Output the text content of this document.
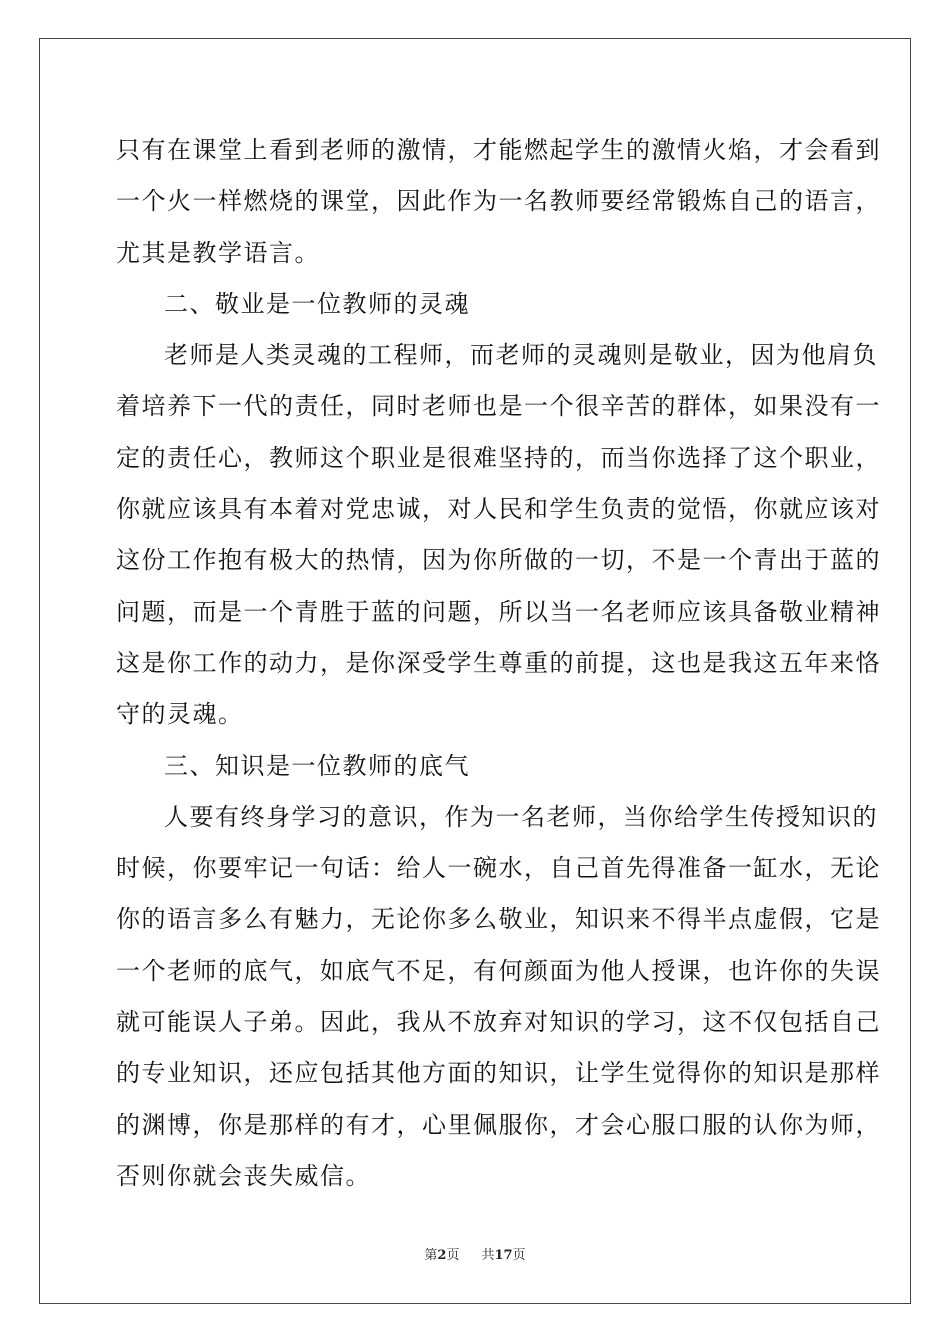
只有在课堂上看到老师的激情，才能燃起学生的激情火焰，才会看到
一个火一样燃烧的课堂，因此作为一名教师要经常锻炼自己的语言，
尤其是教学语言。
二、敬业是一位教师的灵魂
老师是人类灵魂的工程师，而老师的灵魂则是敬业，因为他肩负
着培养下一代的责任，同时老师也是一个很辛苦的群体，如果没有一
定的责任心，教师这个职业是很难坚持的，而当你选择了这个职业，
你就应该具有本着对党忠诚，对人民和学生负责的觉悟，你就应该对
这份工作抱有极大的热情，因为你所做的一切，不是一个青出于蓝的
问题，而是一个青胜于蓝的问题，所以当一名老师应该具备敬业精神
这是你工作的动力，是你深受学生尊重的前提，这也是我这五年来恪
守的灵魂。
三、知识是一位教师的底气
人要有终身学习的意识，作为一名老师，当你给学生传授知识的
时候，你要牢记一句话：给人一碗水，自己首先得准备一缸水，无论
你的语言多么有魅力，无论你多么敬业，知识来不得半点虚假，它是
一个老师的底气，如底气不足，有何颜面为他人授课，也许你的失误
就可能误人子弟。因此，我从不放弃对知识的学习，这不仅包括自己
的专业知识，还应包括其他方面的知识，让学生觉得你的知识是那样
的渊博，你是那样的有才，心里佩服你，才会心服口服的认你为师，
否则你就会丧失威信。
第2页 共17页
